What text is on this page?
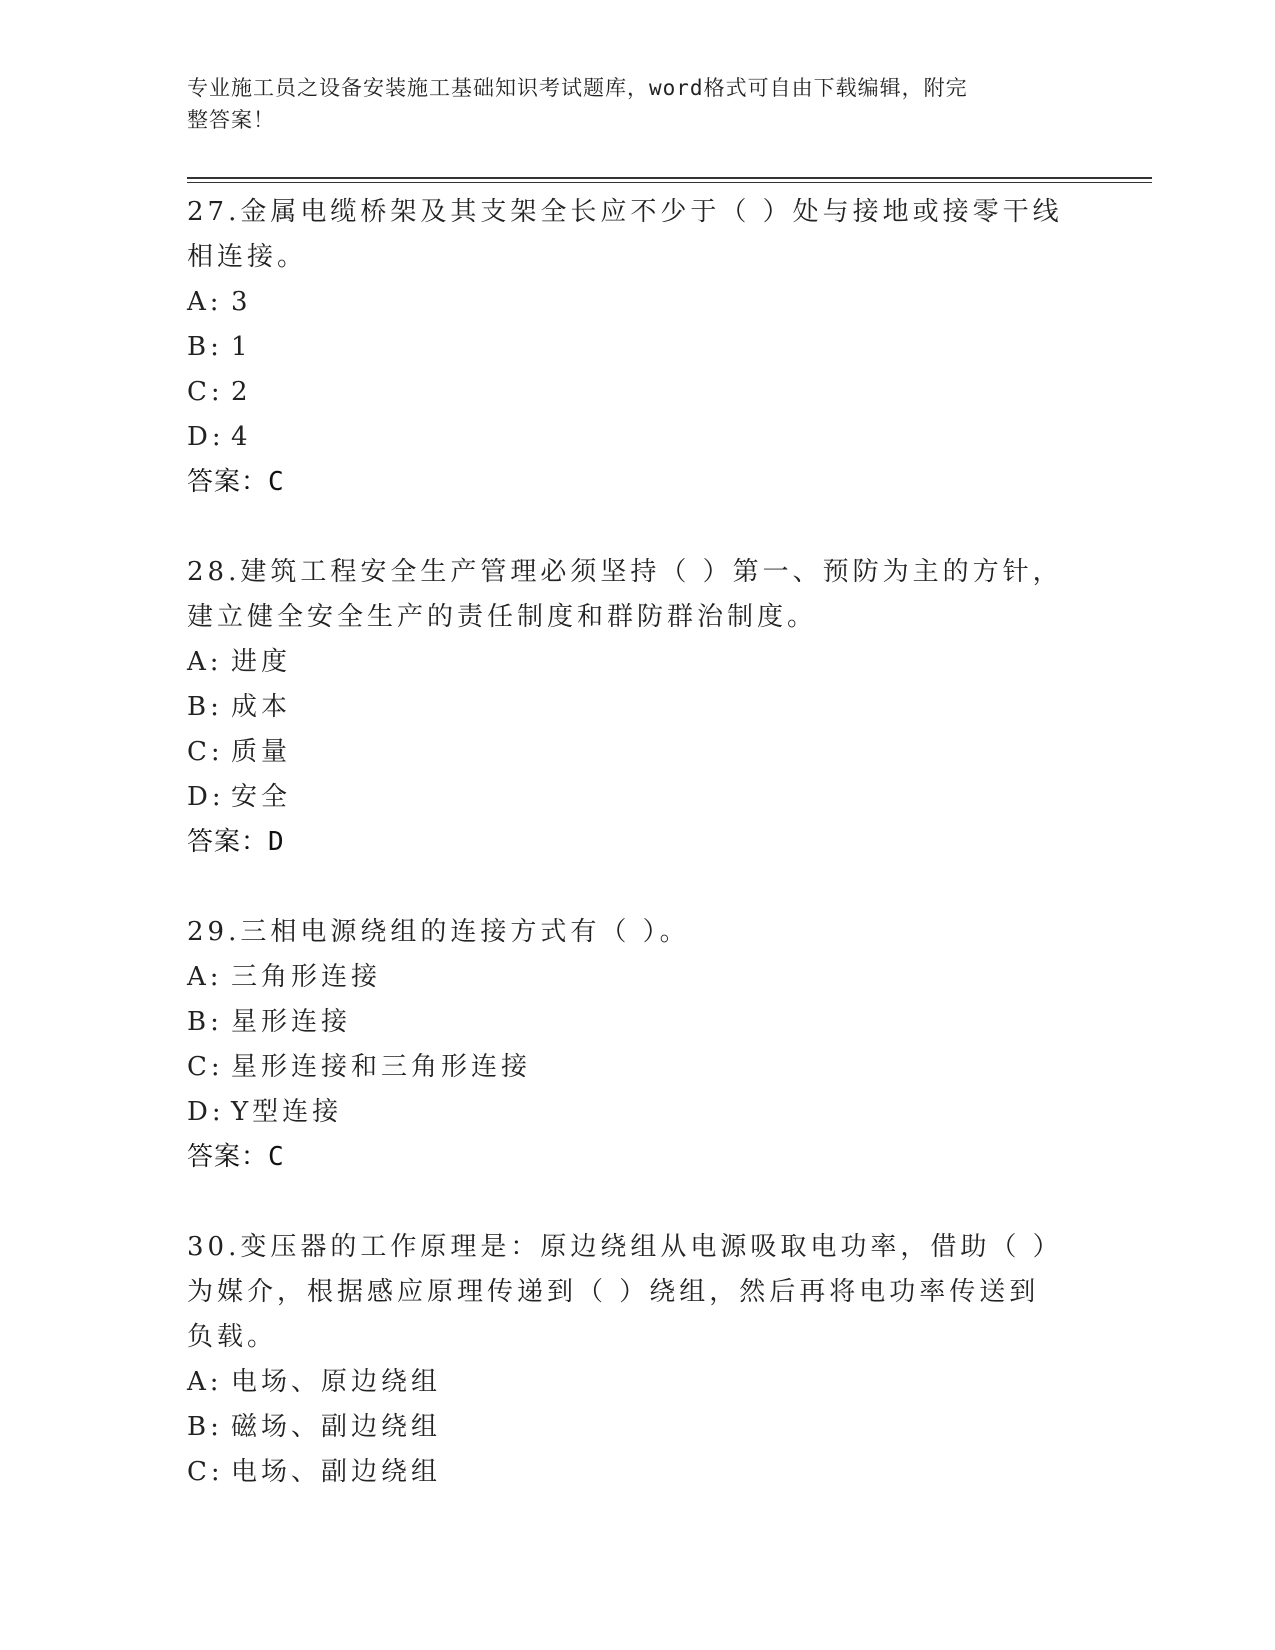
专业施工员之设备安装施工基础知识考试题库，word格式可自由下载编辑，附完
整答案！

27.金属电缆桥架及其支架全长应不少于（ ）处与接地或接零干线相连接。

A: 3

B: 1

C: 2

D: 4

答案：C

28.建筑工程安全生产管理必须坚持（ ）第一、预防为主的方针，建立健全安全生产的责任制度和群防群治制度。

A: 进度

B: 成本

C: 质量

D: 安全

答案：D

29.三相电源绕组的连接方式有（ ）。

A: 三角形连接

B: 星形连接

C: 星形连接和三角形连接

D: Y型连接

答案：C

30.变压器的工作原理是：原边绕组从电源吸取电功率，借助（ ）为媒介，根据感应原理传递到（ ）绕组，然后再将电功率传送到负载。

A: 电场、原边绕组

B: 磁场、副边绕组

C: 电场、副边绕组
